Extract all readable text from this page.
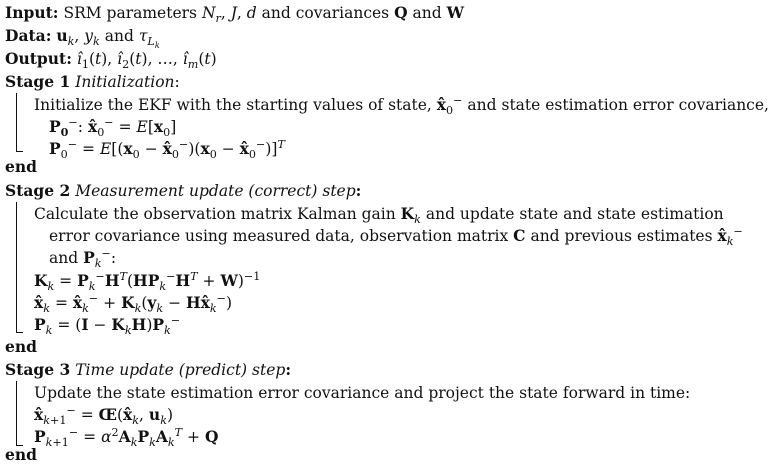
Input: SRM parameters $N_r$, J, d and covariances Q and W
Data: $u_k$, $y_k$ and $\tau_{L_k}$
Output: $î_1(t)$, $î_2(t)$, …, $î_m(t)$
Stage 1 Initialization:
Initialize the EKF with the starting values of state, $x̂_0^-$ and state estimation error covariance,
$P_0^-$: $x̂_0^- = E[x_0]$
$P_0^- = E[(x_0$ − $x̂_0^-)(x_0$ − $x̂_0^-)]^T$
end
Stage 2 Measurement update (correct) step:
Calculate the observation matrix Kalman gain $K_k$ and update state and state estimation
error covariance using measured data, observation matrix C and previous estimates $x̂_k^-$
and $P_k^-$:
$K_k = P_k^-H^T(HP_k^-H^T + W)^{-1}$
$x̂_k$ = $x̂_k^- + K_k(y_k$ − $Hx̂_k^-$)
$P_k = (I - K_kH)P_k^-$
end
Stage 3 Time update (predict) step:
Update the state estimation error covariance and project the state forward in time:
$x̂_{k+1}^-$ = $Œ(x̂_k$, $u_k$)
$P_{k+1}^- = \alpha^2A_kP_kA_k^T + Q$
end
